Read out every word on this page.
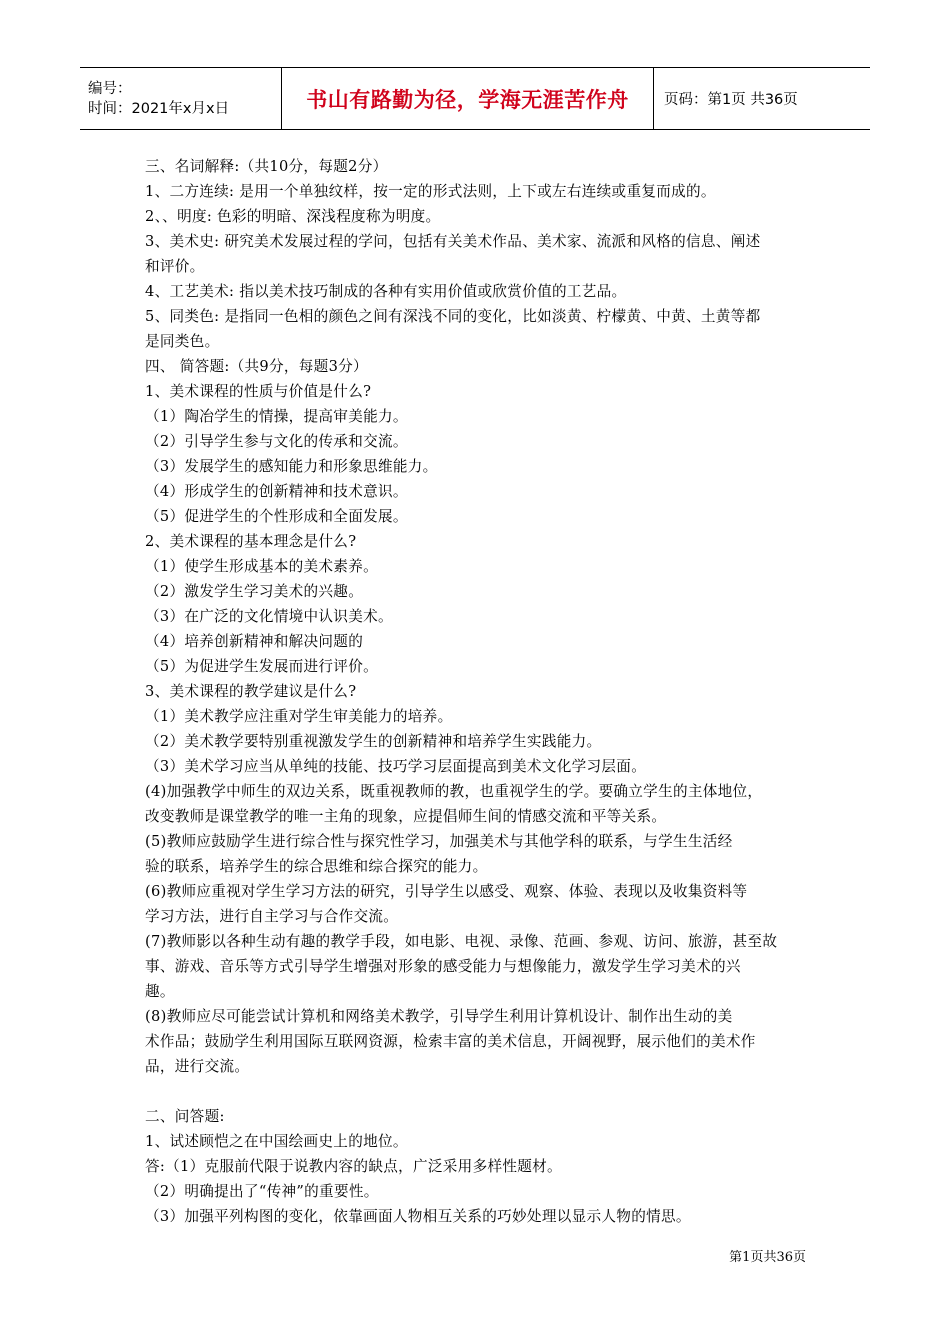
编号：
时间：2021年x月x日	书山有路勤为径，学海无涯苦作舟	页码：第1页 共36页

三、名词解释:（共10分，每题2分）

1、二方连续: 是用一个单独纹样，按一定的形式法则，上下或左右连续或重复而成的。

2、、明度: 色彩的明暗、深浅程度称为明度。

3、美术史: 研究美术发展过程的学问，包括有关美术作品、美术家、流派和风格的信息、阐述

和评价。

4、工艺美术: 指以美术技巧制成的各种有实用价值或欣赏价值的工艺品。

5、同类色: 是指同一色相的颜色之间有深浅不同的变化，比如淡黄、柠檬黄、中黄、土黄等都

是同类色。

四、 简答题:（共9分，每题3分）

1、美术课程的性质与价值是什么?

（1）陶冶学生的情操，提高审美能力。

（2）引导学生参与文化的传承和交流。

（3）发展学生的感知能力和形象思维能力。

（4）形成学生的创新精神和技术意识。

（5）促进学生的个性形成和全面发展。

2、美术课程的基本理念是什么?

（1）使学生形成基本的美术素养。

（2）激发学生学习美术的兴趣。

（3）在广泛的文化情境中认识美术。

（4）培养创新精神和解决问题的

（5）为促进学生发展而进行评价。

3、美术课程的教学建议是什么?

（1）美术教学应注重对学生审美能力的培养。

（2）美术教学要特别重视激发学生的创新精神和培养学生实践能力。

（3）美术学习应当从单纯的技能、技巧学习层面提高到美术文化学习层面。

(4)加强教学中师生的双边关系，既重视教师的教，也重视学生的学。要确立学生的主体地位，

改变教师是课堂教学的唯一主角的现象，应提倡师生间的情感交流和平等关系。

(5)教师应鼓励学生进行综合性与探究性学习，加强美术与其他学科的联系，与学生生活经

验的联系，培养学生的综合思维和综合探究的能力。

(6)教师应重视对学生学习方法的研究，引导学生以感受、观察、体验、表现以及收集资料等

学习方法，进行自主学习与合作交流。

(7)教师影以各种生动有趣的教学手段，如电影、电视、录像、范画、参观、访问、旅游，甚至故

事、游戏、音乐等方式引导学生增强对形象的感受能力与想像能力，激发学生学习美术的兴

趣。

(8)教师应尽可能尝试计算机和网络美术教学，引导学生利用计算机设计、制作出生动的美

术作品；鼓励学生利用国际互联网资源，检索丰富的美术信息，开阔视野，展示他们的美术作

品，进行交流。

二、问答题:

1、试述顾恺之在中国绘画史上的地位。

答:（1）克服前代限于说教内容的缺点，广泛采用多样性题材。

（2）明确提出了“传神”的重要性。

（3）加强平列构图的变化，依靠画面人物相互关系的巧妙处理以显示人物的情思。

第1页共36页
